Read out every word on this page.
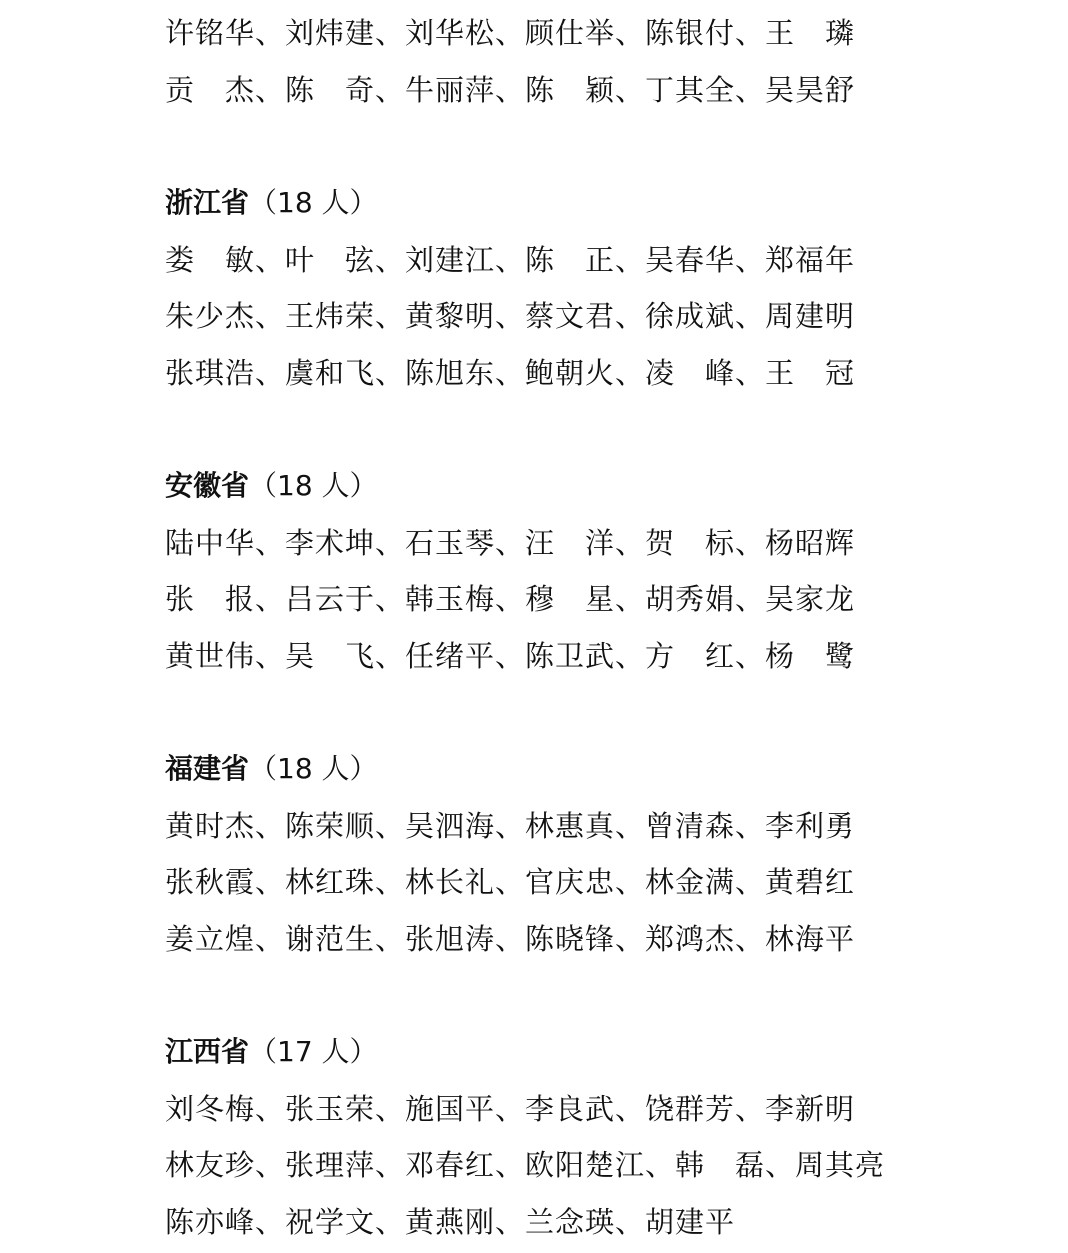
许铭华、刘炜建、刘华松、顾仕举、陈银付、王　璘
贡　杰、陈　奇、牛丽萍、陈　颖、丁其全、吴昊舒
浙江省（18 人）
娄　敏、叶　弦、刘建江、陈　正、吴春华、郑福年
朱少杰、王炜荣、黄黎明、蔡文君、徐成斌、周建明
张琪浩、虞和飞、陈旭东、鲍朝火、凌　峰、王　冠
安徽省（18 人）
陆中华、李术坤、石玉琴、汪　洋、贺　标、杨昭辉
张　报、吕云于、韩玉梅、穆　星、胡秀娟、吴家龙
黄世伟、吴　飞、任绪平、陈卫武、方　红、杨　鹭
福建省（18 人）
黄时杰、陈荣顺、吴泗海、林惠真、曾清森、李利勇
张秋霞、林红珠、林长礼、官庆忠、林金满、黄碧红
姜立煌、谢范生、张旭涛、陈晓锋、郑鸿杰、林海平
江西省（17 人）
刘冬梅、张玉荣、施国平、李良武、饶群芳、李新明
林友珍、张理萍、邓春红、欧阳楚江、韩　磊、周其亮
陈亦峰、祝学文、黄燕刚、兰念瑛、胡建平
